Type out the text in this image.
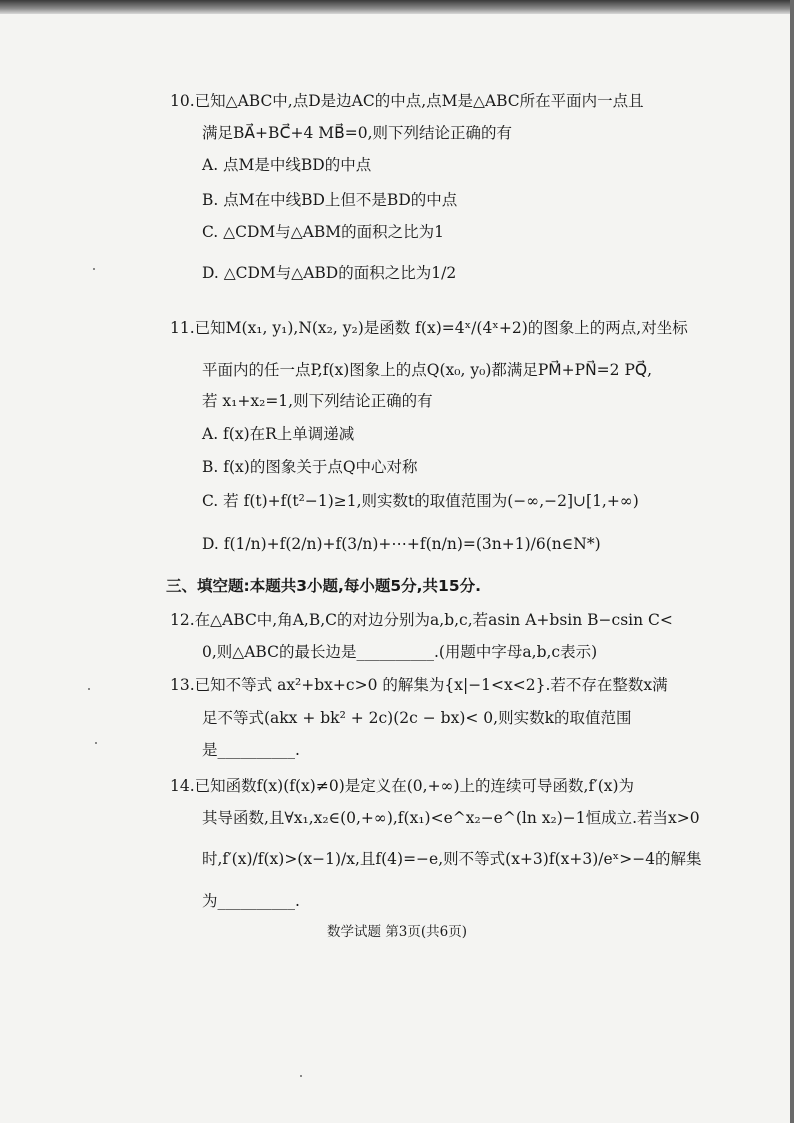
10.已知△ABC中,点D是边AC的中点,点M是△ABC所在平面内一点且
满足BA⃗+BC⃗+4 MB⃗=0,则下列结论正确的有
A. 点M是中线BD的中点
B. 点M在中线BD上但不是BD的中点
C. △CDM与△ABM的面积之比为1
D. △CDM与△ABD的面积之比为1/2
11.已知M(x₁, y₁),N(x₂, y₂)是函数 f(x)=4ˣ/(4ˣ+2)的图象上的两点,对坐标
平面内的任一点P,f(x)图象上的点Q(x₀, y₀)都满足PM⃗+PN⃗=2 PQ⃗,
若 x₁+x₂=1,则下列结论正确的有
A. f(x)在R上单调递减
B. f(x)的图象关于点Q中心对称
C. 若 f(t)+f(t²−1)≥1,则实数t的取值范围为(−∞,−2]∪[1,+∞)
D. f(1/n)+f(2/n)+f(3/n)+⋯+f(n/n)=(3n+1)/6(n∈N*)
三、填空题:本题共3小题,每小题5分,共15分.
12.在△ABC中,角A,B,C的对边分别为a,b,c,若asin A+bsin B−csin C<
0,则△ABC的最长边是__________.(用题中字母a,b,c表示)
13.已知不等式 ax²+bx+c>0 的解集为{x|−1<x<2}.若不存在整数x满
足不等式(akx + bk² + 2c)(2c − bx)< 0,则实数k的取值范围
是__________.
14.已知函数f(x)(f(x)≠0)是定义在(0,+∞)上的连续可导函数,f′(x)为
其导函数,且∀x₁,x₂∈(0,+∞),f(x₁)<e^x₂−e^(ln x₂)−1恒成立.若当x>0
时,f′(x)/f(x)>(x−1)/x,且f(4)=−e,则不等式(x+3)f(x+3)/eˣ>−4的解集
为__________.
数学试题 第3页(共6页)
